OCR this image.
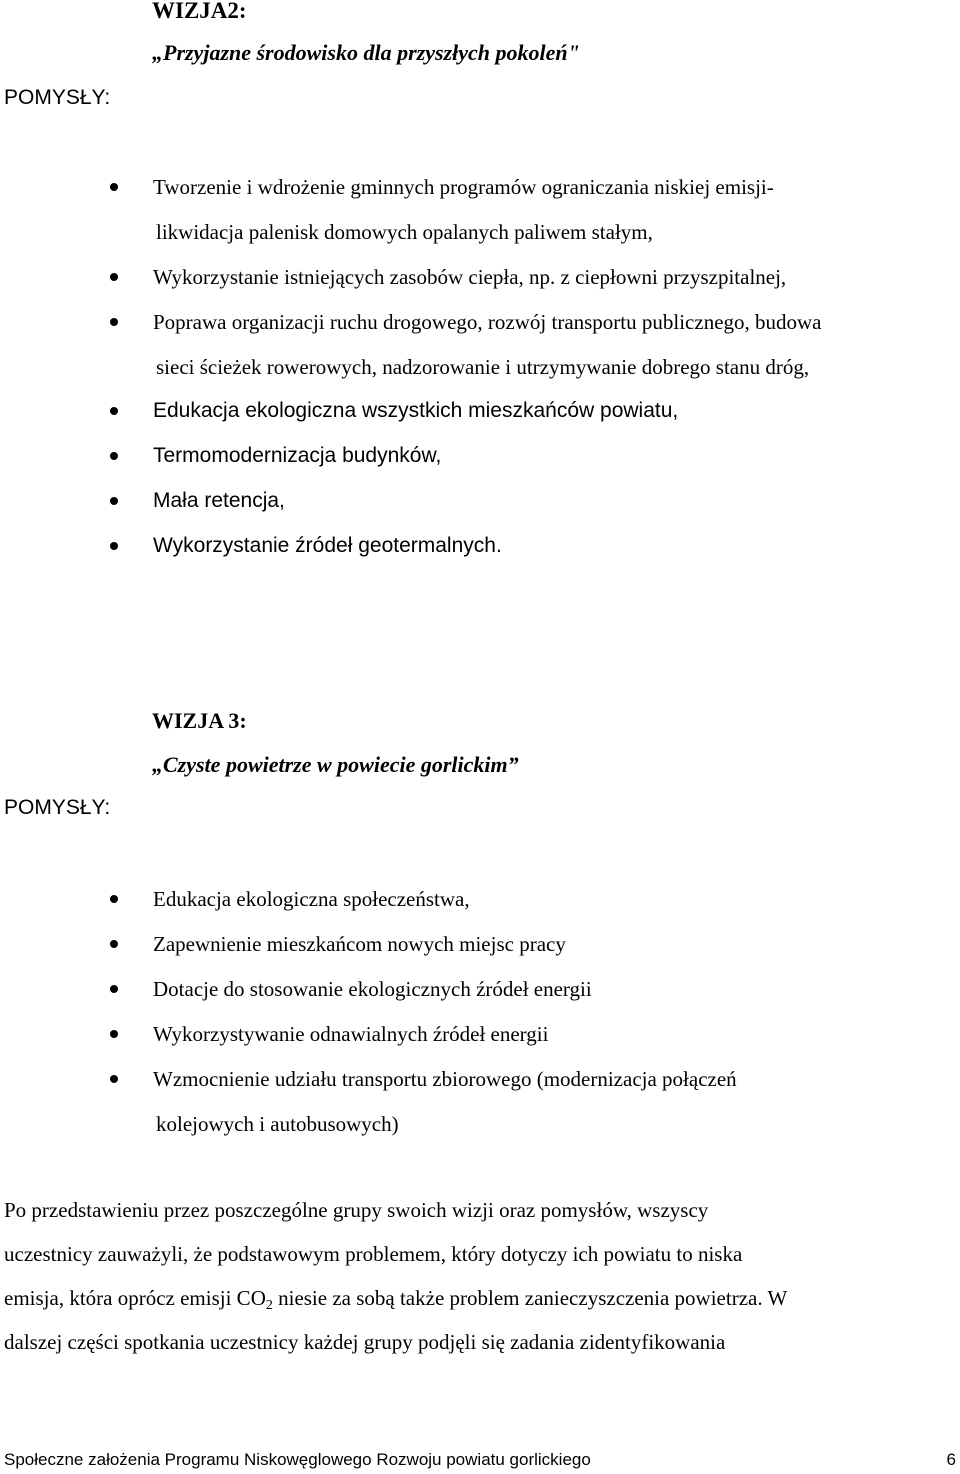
WIZJA2:
„Przyjazne środowisko dla przyszłych pokoleń"
POMYSŁY:
Tworzenie i wdrożenie gminnych programów ograniczania niskiej emisji-
likwidacja palenisk domowych opalanych paliwem stałym,
Wykorzystanie istniejących zasobów ciepła, np. z ciepłowni przyszpitalnej,
Poprawa organizacji ruchu drogowego, rozwój transportu publicznego, budowa
sieci ścieżek rowerowych, nadzorowanie i utrzymywanie dobrego stanu dróg,
Edukacja ekologiczna wszystkich mieszkańców powiatu,
Termomodernizacja budynków,
Mała retencja,
Wykorzystanie źródeł geotermalnych.
WIZJA 3:
„Czyste powietrze w powiecie gorlickim”
POMYSŁY:
Edukacja ekologiczna społeczeństwa,
Zapewnienie mieszkańcom nowych miejsc pracy
Dotacje do stosowanie ekologicznych źródeł energii
Wykorzystywanie odnawialnych źródeł energii
Wzmocnienie udziału transportu zbiorowego (modernizacja połączeń
kolejowych i autobusowych)
Po przedstawieniu przez poszczególne grupy swoich wizji oraz pomysłów, wszyscy
uczestnicy zauważyli, że podstawowym problemem, który dotyczy ich powiatu to niska
emisja, która oprócz emisji $CO_2$ niesie za sobą także problem zanieczyszczenia powietrza. W
dalszej części spotkania uczestnicy każdej grupy podjęli się zadania zidentyfikowania
Społeczne założenia Programu Niskowęglowego Rozwoju powiatu gorlickiego	6
